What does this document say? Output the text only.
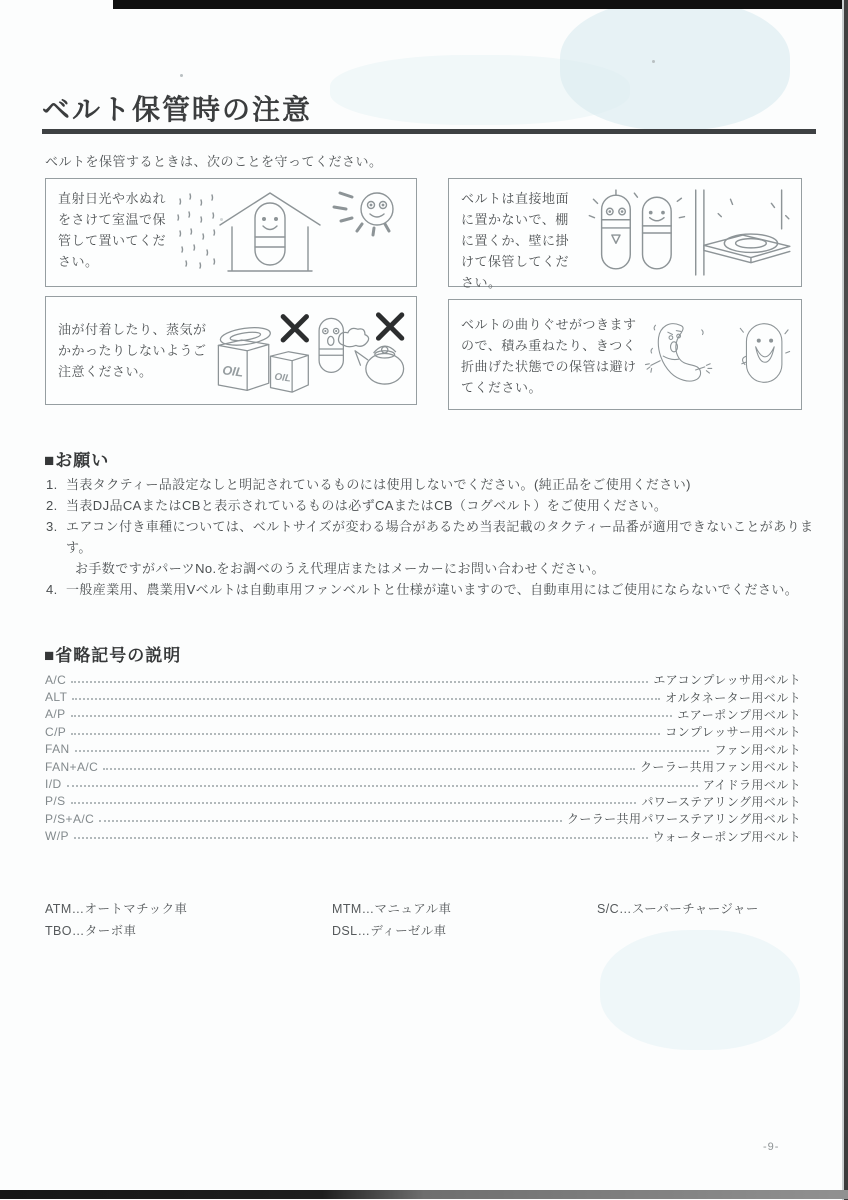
ベルト保管時の注意
ベルトを保管するときは、次のことを守ってください。
直射日光や水ぬれをさけて室温で保管して置いてください。
ベルトは直接地面に置かないで、棚に置くか、壁に掛けて保管してください。
油が付着したり、蒸気がかかったりしないようご注意ください。	OIL	OIL
ベルトの曲りぐせがつきますので、積み重ねたり、きつく折曲げた状態での保管は避けてください。
■お願い
1. 当表タクティー品設定なしと明記されているものには使用しないでください。(純正品をご使用ください)
2. 当表DJ品CAまたはCBと表示されているものは必ずCAまたはCB（コグベルト）をご使用ください。
3. エアコン付き車種については、ベルトサイズが変わる場合があるため当表記載のタクティー品番が適用できないことがあります。
お手数ですがパーツNo.をお調べのうえ代理店またはメーカーにお問い合わせください。
4. 一般産業用、農業用Vベルトは自動車用ファンベルトと仕様が違いますので、自動車用にはご使用にならないでください。
■省略記号の説明
A/C	エアコンプレッサ用ベルト
ALT	オルタネーター用ベルト
A/P	エアーポンプ用ベルト
C/P	コンプレッサー用ベルト
FAN	ファン用ベルト
FAN+A/C	クーラー共用ファン用ベルト
I/D	アイドラ用ベルト
P/S	パワーステアリング用ベルト
P/S+A/C	クーラー共用パワーステアリング用ベルト
W/P	ウォーターポンプ用ベルト
ATM…オートマチック車
TBO…ターボ車
MTM…マニュアル車
DSL…ディーゼル車
S/C…スーパーチャージャー
-9-
